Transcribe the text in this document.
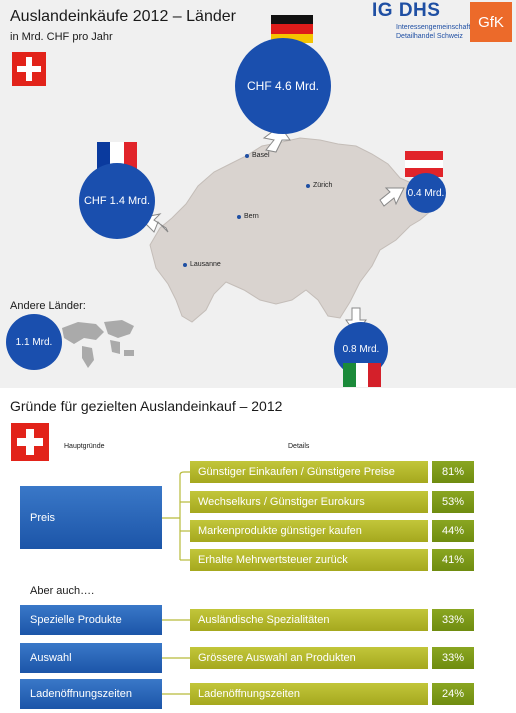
Auslandeinkäufe 2012 – Länder
in Mrd. CHF pro Jahr
IG DHS
Interessengemeinschaft
Detailhandel Schweiz
GfK
CHF 4.6 Mrd.
CHF 1.4 Mrd.
0.4 Mrd.
0.8 Mrd.
Andere Länder:
1.1 Mrd.
Basel
Zürich
Bern
Lausanne
Gründe für gezielten Auslandeinkauf – 2012
Hauptgründe	Details
Preis
Günstiger Einkaufen / Günstigere Preise	81%
Wechselkurs / Günstiger Eurokurs	53%
Markenprodukte günstiger kaufen	44%
Erhalte Mehrwertsteuer zurück	41%
Aber auch….
Spezielle Produkte	Ausländische Spezialitäten	33%
Auswahl	Grössere Auswahl an Produkten	33%
Ladenöffnungszeiten	Ladenöffnungszeiten	24%
